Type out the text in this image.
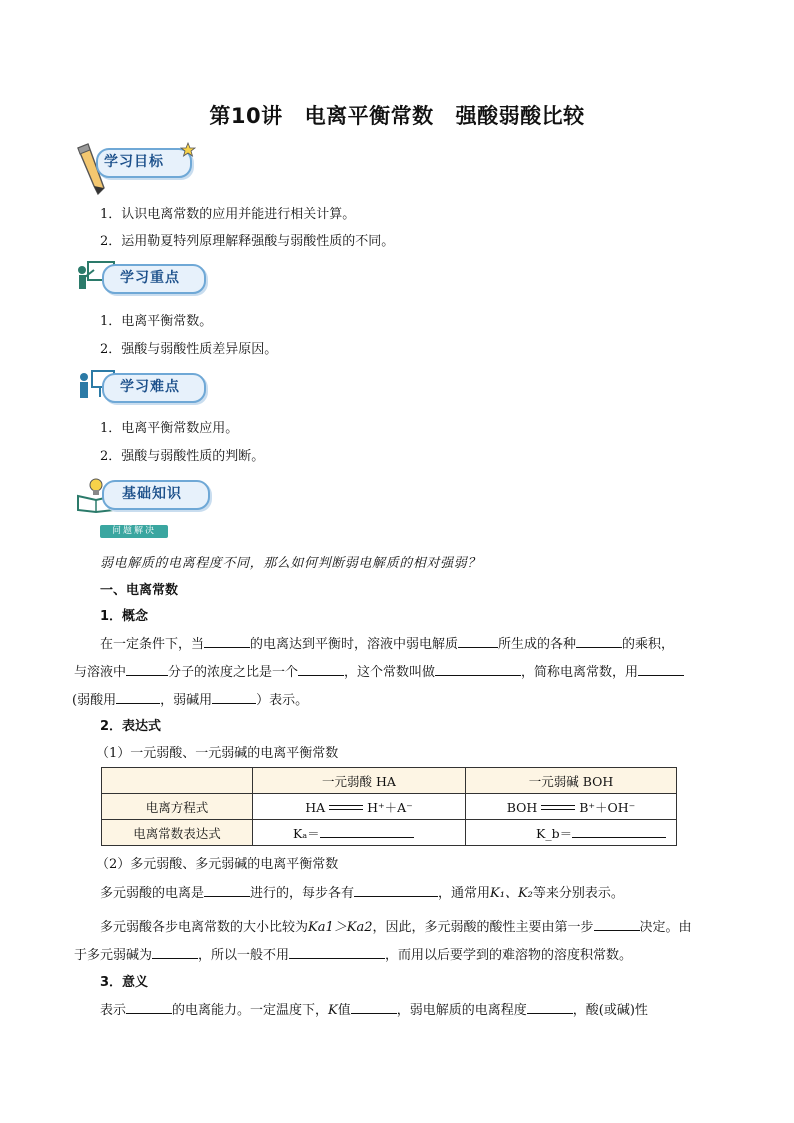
第10讲 电离平衡常数 强酸弱酸比较
学习目标
1．认识电离常数的应用并能进行相关计算。
2．运用勒夏特列原理解释强酸与弱酸性质的不同。
学习重点
1．电离平衡常数。
2．强酸与弱酸性质差异原因。
学习难点
1．电离平衡常数应用。
2．强酸与弱酸性质的判断。
基础知识
问题解决
弱电解质的电离程度不同，那么如何判断弱电解质的相对强弱？
一、电离常数
1．概念
在一定条件下，当	的电离达到平衡时，溶液中弱电解质	所生成的各种	的乘积，
与溶液中	分子的浓度之比是一个	，这个常数叫做	，简称电离常数，用
(弱酸用	，弱碱用	）表示。
2．表达式
（1）一元弱酸、一元弱碱的电离平衡常数
	一元弱酸 HA	一元弱碱 BOH
电离方程式	HA H⁺＋A⁻	BOH B⁺＋OH⁻
电离常数表达式	Kₐ＝	K_b＝
（2）多元弱酸、多元弱碱的电离平衡常数
多元弱酸的电离是	进行的，每步各有	，通常用K₁、K₂等来分别表示。
多元弱酸各步电离常数的大小比较为Ka1＞Ka2，因此，多元弱酸的酸性主要由第一步	决定。由
于多元弱碱为	，所以一般不用	，而用以后要学到的难溶物的溶度积常数。
3．意义
表示	的电离能力。一定温度下，K值	，弱电解质的电离程度	，酸(或碱)性
